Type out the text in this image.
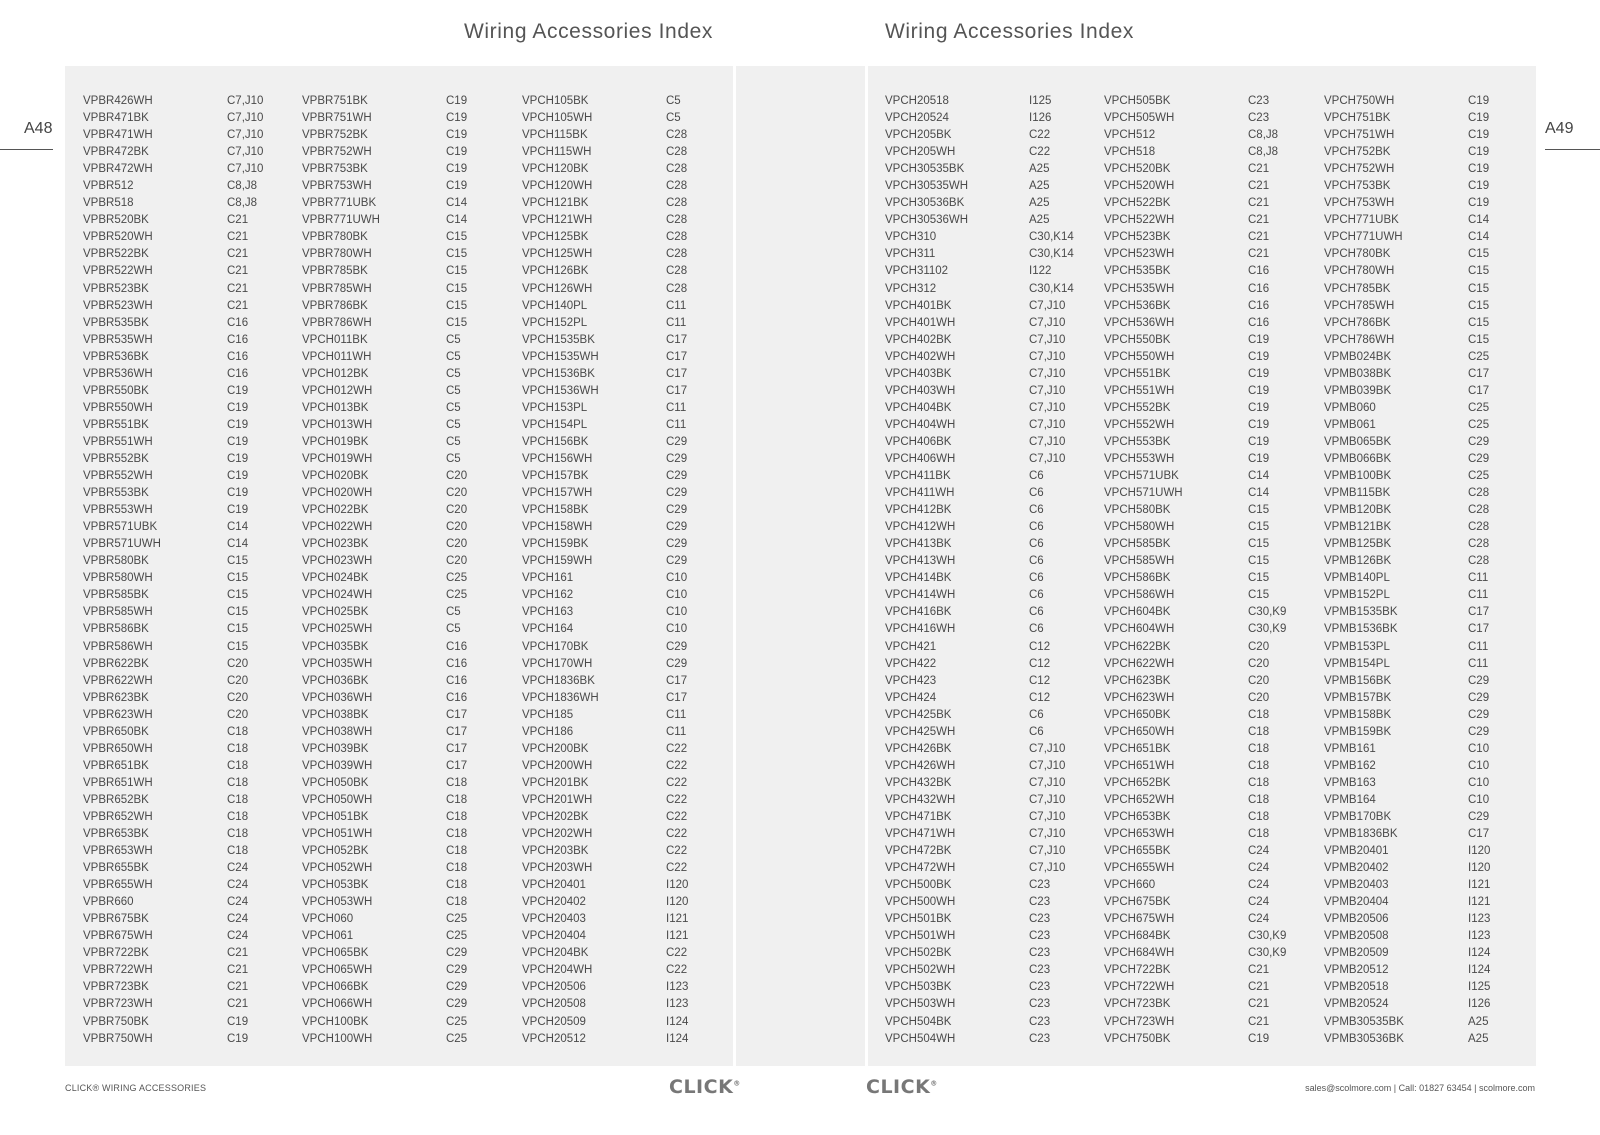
Wiring Accessories Index	Wiring Accessories Index
A48	A49
VPBR426WH	C7,J10
VPBR471BK	C7,J10
VPBR471WH	C7,J10
VPBR472BK	C7,J10
VPBR472WH	C7,J10
VPBR512	C8,J8
VPBR518	C8,J8
VPBR520BK	C21
VPBR520WH	C21
VPBR522BK	C21
VPBR522WH	C21
VPBR523BK	C21
VPBR523WH	C21
VPBR535BK	C16
VPBR535WH	C16
VPBR536BK	C16
VPBR536WH	C16
VPBR550BK	C19
VPBR550WH	C19
VPBR551BK	C19
VPBR551WH	C19
VPBR552BK	C19
VPBR552WH	C19
VPBR553BK	C19
VPBR553WH	C19
VPBR571UBK	C14
VPBR571UWH	C14
VPBR580BK	C15
VPBR580WH	C15
VPBR585BK	C15
VPBR585WH	C15
VPBR586BK	C15
VPBR586WH	C15
VPBR622BK	C20
VPBR622WH	C20
VPBR623BK	C20
VPBR623WH	C20
VPBR650BK	C18
VPBR650WH	C18
VPBR651BK	C18
VPBR651WH	C18
VPBR652BK	C18
VPBR652WH	C18
VPBR653BK	C18
VPBR653WH	C18
VPBR655BK	C24
VPBR655WH	C24
VPBR660	C24
VPBR675BK	C24
VPBR675WH	C24
VPBR722BK	C21
VPBR722WH	C21
VPBR723BK	C21
VPBR723WH	C21
VPBR750BK	C19
VPBR750WH	C19
VPBR751BK	C19
VPBR751WH	C19
VPBR752BK	C19
VPBR752WH	C19
VPBR753BK	C19
VPBR753WH	C19
VPBR771UBK	C14
VPBR771UWH	C14
VPBR780BK	C15
VPBR780WH	C15
VPBR785BK	C15
VPBR785WH	C15
VPBR786BK	C15
VPBR786WH	C15
VPCH011BK	C5
VPCH011WH	C5
VPCH012BK	C5
VPCH012WH	C5
VPCH013BK	C5
VPCH013WH	C5
VPCH019BK	C5
VPCH019WH	C5
VPCH020BK	C20
VPCH020WH	C20
VPCH022BK	C20
VPCH022WH	C20
VPCH023BK	C20
VPCH023WH	C20
VPCH024BK	C25
VPCH024WH	C25
VPCH025BK	C5
VPCH025WH	C5
VPCH035BK	C16
VPCH035WH	C16
VPCH036BK	C16
VPCH036WH	C16
VPCH038BK	C17
VPCH038WH	C17
VPCH039BK	C17
VPCH039WH	C17
VPCH050BK	C18
VPCH050WH	C18
VPCH051BK	C18
VPCH051WH	C18
VPCH052BK	C18
VPCH052WH	C18
VPCH053BK	C18
VPCH053WH	C18
VPCH060	C25
VPCH061	C25
VPCH065BK	C29
VPCH065WH	C29
VPCH066BK	C29
VPCH066WH	C29
VPCH100BK	C25
VPCH100WH	C25
VPCH105BK	C5
VPCH105WH	C5
VPCH115BK	C28
VPCH115WH	C28
VPCH120BK	C28
VPCH120WH	C28
VPCH121BK	C28
VPCH121WH	C28
VPCH125BK	C28
VPCH125WH	C28
VPCH126BK	C28
VPCH126WH	C28
VPCH140PL	C11
VPCH152PL	C11
VPCH1535BK	C17
VPCH1535WH	C17
VPCH1536BK	C17
VPCH1536WH	C17
VPCH153PL	C11
VPCH154PL	C11
VPCH156BK	C29
VPCH156WH	C29
VPCH157BK	C29
VPCH157WH	C29
VPCH158BK	C29
VPCH158WH	C29
VPCH159BK	C29
VPCH159WH	C29
VPCH161	C10
VPCH162	C10
VPCH163	C10
VPCH164	C10
VPCH170BK	C29
VPCH170WH	C29
VPCH1836BK	C17
VPCH1836WH	C17
VPCH185	C11
VPCH186	C11
VPCH200BK	C22
VPCH200WH	C22
VPCH201BK	C22
VPCH201WH	C22
VPCH202BK	C22
VPCH202WH	C22
VPCH203BK	C22
VPCH203WH	C22
VPCH20401	I120
VPCH20402	I120
VPCH20403	I121
VPCH20404	I121
VPCH204BK	C22
VPCH204WH	C22
VPCH20506	I123
VPCH20508	I123
VPCH20509	I124
VPCH20512	I124
VPCH20518	I125
VPCH20524	I126
VPCH205BK	C22
VPCH205WH	C22
VPCH30535BK	A25
VPCH30535WH	A25
VPCH30536BK	A25
VPCH30536WH	A25
VPCH310	C30,K14
VPCH311	C30,K14
VPCH31102	I122
VPCH312	C30,K14
VPCH401BK	C7,J10
VPCH401WH	C7,J10
VPCH402BK	C7,J10
VPCH402WH	C7,J10
VPCH403BK	C7,J10
VPCH403WH	C7,J10
VPCH404BK	C7,J10
VPCH404WH	C7,J10
VPCH406BK	C7,J10
VPCH406WH	C7,J10
VPCH411BK	C6
VPCH411WH	C6
VPCH412BK	C6
VPCH412WH	C6
VPCH413BK	C6
VPCH413WH	C6
VPCH414BK	C6
VPCH414WH	C6
VPCH416BK	C6
VPCH416WH	C6
VPCH421	C12
VPCH422	C12
VPCH423	C12
VPCH424	C12
VPCH425BK	C6
VPCH425WH	C6
VPCH426BK	C7,J10
VPCH426WH	C7,J10
VPCH432BK	C7,J10
VPCH432WH	C7,J10
VPCH471BK	C7,J10
VPCH471WH	C7,J10
VPCH472BK	C7,J10
VPCH472WH	C7,J10
VPCH500BK	C23
VPCH500WH	C23
VPCH501BK	C23
VPCH501WH	C23
VPCH502BK	C23
VPCH502WH	C23
VPCH503BK	C23
VPCH503WH	C23
VPCH504BK	C23
VPCH504WH	C23
VPCH505BK	C23
VPCH505WH	C23
VPCH512	C8,J8
VPCH518	C8,J8
VPCH520BK	C21
VPCH520WH	C21
VPCH522BK	C21
VPCH522WH	C21
VPCH523BK	C21
VPCH523WH	C21
VPCH535BK	C16
VPCH535WH	C16
VPCH536BK	C16
VPCH536WH	C16
VPCH550BK	C19
VPCH550WH	C19
VPCH551BK	C19
VPCH551WH	C19
VPCH552BK	C19
VPCH552WH	C19
VPCH553BK	C19
VPCH553WH	C19
VPCH571UBK	C14
VPCH571UWH	C14
VPCH580BK	C15
VPCH580WH	C15
VPCH585BK	C15
VPCH585WH	C15
VPCH586BK	C15
VPCH586WH	C15
VPCH604BK	C30,K9
VPCH604WH	C30,K9
VPCH622BK	C20
VPCH622WH	C20
VPCH623BK	C20
VPCH623WH	C20
VPCH650BK	C18
VPCH650WH	C18
VPCH651BK	C18
VPCH651WH	C18
VPCH652BK	C18
VPCH652WH	C18
VPCH653BK	C18
VPCH653WH	C18
VPCH655BK	C24
VPCH655WH	C24
VPCH660	C24
VPCH675BK	C24
VPCH675WH	C24
VPCH684BK	C30,K9
VPCH684WH	C30,K9
VPCH722BK	C21
VPCH722WH	C21
VPCH723BK	C21
VPCH723WH	C21
VPCH750BK	C19
VPCH750WH	C19
VPCH751BK	C19
VPCH751WH	C19
VPCH752BK	C19
VPCH752WH	C19
VPCH753BK	C19
VPCH753WH	C19
VPCH771UBK	C14
VPCH771UWH	C14
VPCH780BK	C15
VPCH780WH	C15
VPCH785BK	C15
VPCH785WH	C15
VPCH786BK	C15
VPCH786WH	C15
VPMB024BK	C25
VPMB038BK	C17
VPMB039BK	C17
VPMB060	C25
VPMB061	C25
VPMB065BK	C29
VPMB066BK	C29
VPMB100BK	C25
VPMB115BK	C28
VPMB120BK	C28
VPMB121BK	C28
VPMB125BK	C28
VPMB126BK	C28
VPMB140PL	C11
VPMB152PL	C11
VPMB1535BK	C17
VPMB1536BK	C17
VPMB153PL	C11
VPMB154PL	C11
VPMB156BK	C29
VPMB157BK	C29
VPMB158BK	C29
VPMB159BK	C29
VPMB161	C10
VPMB162	C10
VPMB163	C10
VPMB164	C10
VPMB170BK	C29
VPMB1836BK	C17
VPMB20401	I120
VPMB20402	I120
VPMB20403	I121
VPMB20404	I121
VPMB20506	I123
VPMB20508	I123
VPMB20509	I124
VPMB20512	I124
VPMB20518	I125
VPMB20524	I126
VPMB30535BK	A25
VPMB30536BK	A25
CLICK® WIRING ACCESSORIES	CLICK®	CLICK®	sales@scolmore.com | Call: 01827 63454 | scolmore.com
